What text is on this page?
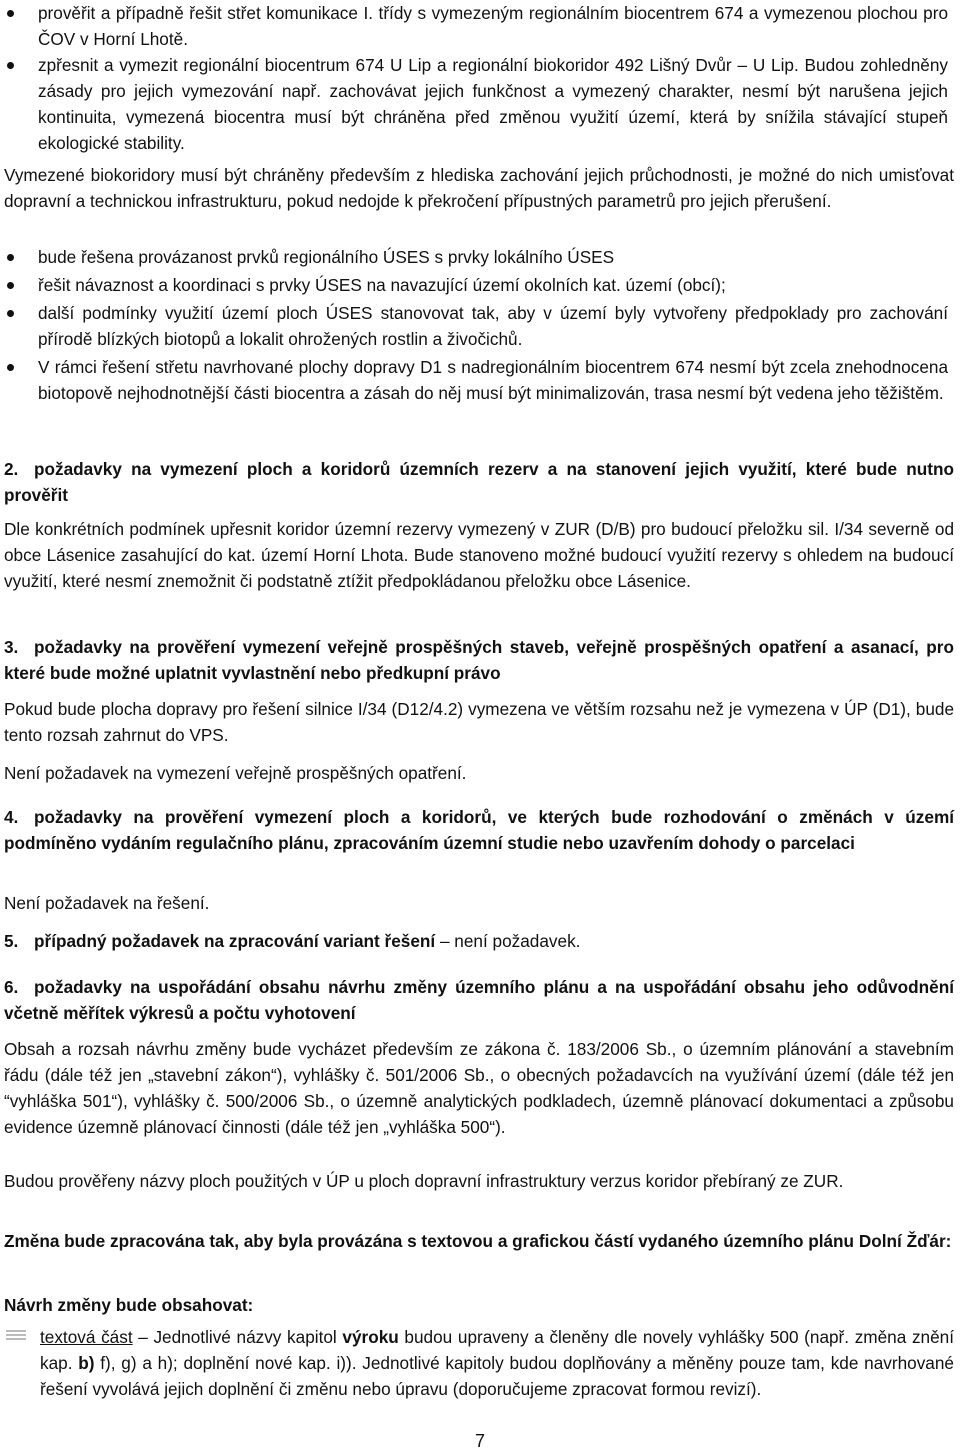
prověřit a případně řešit střet komunikace I. třídy s vymezeným regionálním biocentrem 674 a vymezenou plochou pro ČOV v Horní Lhotě.
zpřesnit a vymezit regionální biocentrum 674 U Lip a regionální biokoridor 492 Lišný Dvůr – U Lip. Budou zohledněny zásady pro jejich vymezování např. zachovávat jejich funkčnost a vymezený charakter, nesmí být narušena jejich kontinuita, vymezená biocentra musí být chráněna před změnou využití území, která by snížila stávající stupeň ekologické stability.

Vymezené biokoridory musí být chráněny především z hlediska zachování jejich průchodnosti, je možné do nich umisťovat dopravní a technickou infrastrukturu, pokud nedojde k překročení přípustných parametrů pro jejich přerušení.

bude řešena provázanost prvků regionálního ÚSES s prvky lokálního ÚSES
řešit návaznost a koordinaci s prvky ÚSES na navazující území okolních kat. území (obcí);
další podmínky využití území ploch ÚSES stanovovat tak, aby v území byly vytvořeny předpoklady pro zachování přírodě blízkých biotopů a lokalit ohrožených rostlin a živočichů.
V rámci řešení střetu navrhované plochy dopravy D1 s nadregionálním biocentrem 674 nesmí být zcela znehodnocena biotopově nejhodnotnější části biocentra a zásah do něj musí být minimalizován, trasa nesmí být vedena jeho těžištěm.
2. požadavky na vymezení ploch a koridorů územních rezerv a na stanovení jejich využití, které bude nutno prověřit

Dle konkrétních podmínek upřesnit koridor územní rezervy vymezený v ZUR (D/B) pro budoucí přeložku sil. I/34 severně od obce Lásenice zasahující do kat. území Horní Lhota. Bude stanoveno možné budoucí využití rezervy s ohledem na budoucí využití, které nesmí znemožnit či podstatně ztížit předpokládanou přeložku obce Lásenice.

3. požadavky na prověření vymezení veřejně prospěšných staveb, veřejně prospěšných opatření a asanací, pro které bude možné uplatnit vyvlastnění nebo předkupní právo

Pokud bude plocha dopravy pro řešení silnice I/34 (D12/4.2) vymezena ve větším rozsahu než je vymezena v ÚP (D1), bude tento rozsah zahrnut do VPS.

Není požadavek na vymezení veřejně prospěšných opatření.

4. požadavky na prověření vymezení ploch a koridorů, ve kterých bude rozhodování o změnách v území podmíněno vydáním regulačního plánu, zpracováním územní studie nebo uzavřením dohody o parcelaci

Není požadavek na řešení.

5. případný požadavek na zpracování variant řešení – není požadavek.
6. požadavky na uspořádání obsahu návrhu změny územního plánu a na uspořádání obsahu jeho odůvodnění včetně měřítek výkresů a počtu vyhotovení

Obsah a rozsah návrhu změny bude vycházet především ze zákona č. 183/2006 Sb., o územním plánování a stavebním řádu (dále též jen „stavební zákon“), vyhlášky č. 501/2006 Sb., o obecných požadavcích na využívání území (dále též jen “vyhláška 501“), vyhlášky č. 500/2006 Sb., o územně analytických podkladech, územně plánovací dokumentaci a způsobu evidence územně plánovací činnosti (dále též jen „vyhláška 500“).

Budou prověřeny názvy ploch použitých v ÚP u ploch dopravní infrastruktury verzus koridor přebíraný ze ZUR.

Změna bude zpracována tak, aby byla provázána s textovou a grafickou částí vydaného územního plánu Dolní Žďár:

Návrh změny bude obsahovat:

textová část – Jednotlivé názvy kapitol výroku budou upraveny a členěny dle novely vyhlášky 500 (např. změna znění kap. b) f), g) a h); doplnění nové kap. i)). Jednotlivé kapitoly budou doplňovány a měněny pouze tam, kde navrhované řešení vyvolává jejich doplnění či změnu nebo úpravu (doporučujeme zpracovat formou revizí).
7
